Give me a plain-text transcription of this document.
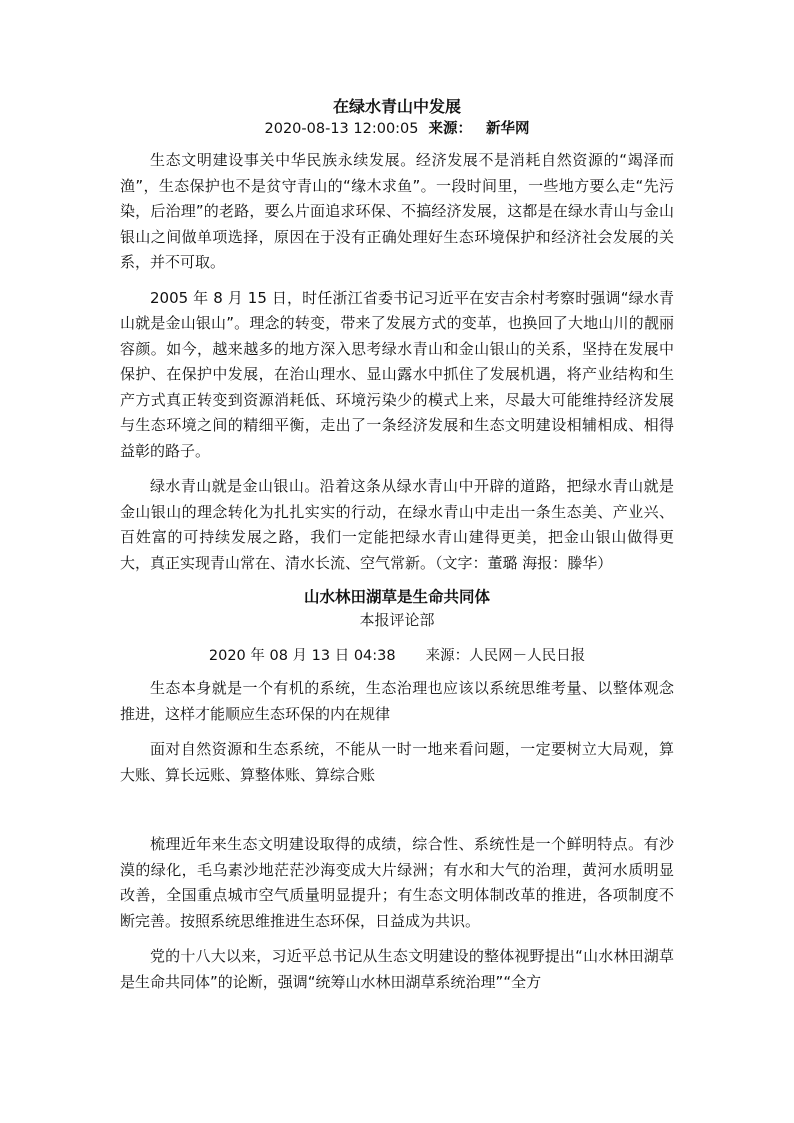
在绿水青山中发展

2020-08-13 12:00:05 来源： 新华网

生态文明建设事关中华民族永续发展。经济发展不是消耗自然资源的“竭泽而渔”，生态保护也不是贫守青山的“缘木求鱼”。一段时间里，一些地方要么走“先污染，后治理”的老路，要么片面追求环保、不搞经济发展，这都是在绿水青山与金山银山之间做单项选择，原因在于没有正确处理好生态环境保护和经济社会发展的关系，并不可取。

2005 年 8 月 15 日，时任浙江省委书记习近平在安吉余村考察时强调“绿水青山就是金山银山”。理念的转变，带来了发展方式的变革，也换回了大地山川的靓丽容颜。如今，越来越多的地方深入思考绿水青山和金山银山的关系，坚持在发展中保护、在保护中发展，在治山理水、显山露水中抓住了发展机遇，将产业结构和生产方式真正转变到资源消耗低、环境污染少的模式上来，尽最大可能维持经济发展与生态环境之间的精细平衡，走出了一条经济发展和生态文明建设相辅相成、相得益彰的路子。

绿水青山就是金山银山。沿着这条从绿水青山中开辟的道路，把绿水青山就是金山银山的理念转化为扎扎实实的行动，在绿水青山中走出一条生态美、产业兴、百姓富的可持续发展之路，我们一定能把绿水青山建得更美，把金山银山做得更大，真正实现青山常在、清水长流、空气常新。（文字：董璐 海报：滕华）

山水林田湖草是生命共同体

本报评论部

2020 年 08 月 13 日 04:38 来源：人民网－人民日报

生态本身就是一个有机的系统，生态治理也应该以系统思维考量、以整体观念推进，这样才能顺应生态环保的内在规律

面对自然资源和生态系统，不能从一时一地来看问题，一定要树立大局观，算大账、算长远账、算整体账、算综合账

梳理近年来生态文明建设取得的成绩，综合性、系统性是一个鲜明特点。有沙漠的绿化，毛乌素沙地茫茫沙海变成大片绿洲；有水和大气的治理，黄河水质明显改善，全国重点城市空气质量明显提升；有生态文明体制改革的推进，各项制度不断完善。按照系统思维推进生态环保，日益成为共识。

党的十八大以来，习近平总书记从生态文明建设的整体视野提出“山水林田湖草是生命共同体”的论断，强调“统筹山水林田湖草系统治理”“全方
